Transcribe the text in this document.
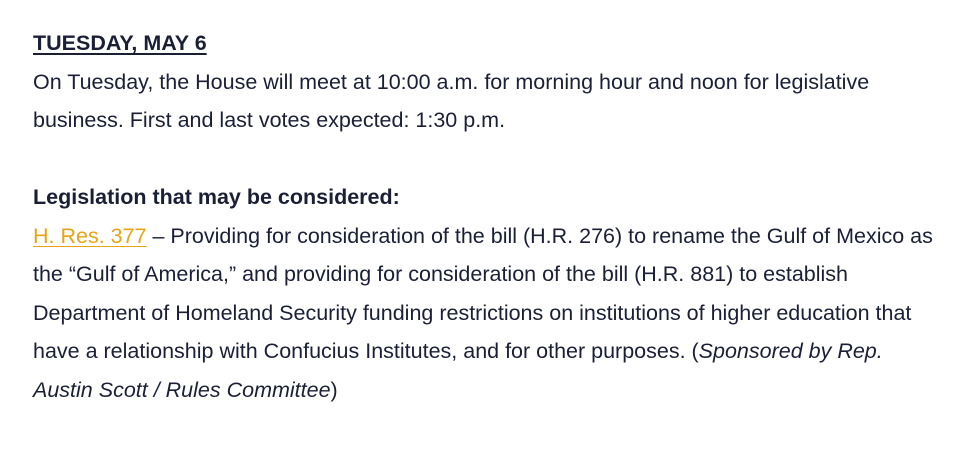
TUESDAY, MAY 6
On Tuesday, the House will meet at 10:00 a.m. for morning hour and noon for legislative business. First and last votes expected: 1:30 p.m.
Legislation that may be considered:
H. Res. 377 – Providing for consideration of the bill (H.R. 276) to rename the Gulf of Mexico as the “Gulf of America,” and providing for consideration of the bill (H.R. 881) to establish Department of Homeland Security funding restrictions on institutions of higher education that have a relationship with Confucius Institutes, and for other purposes. (Sponsored by Rep. Austin Scott / Rules Committee)
